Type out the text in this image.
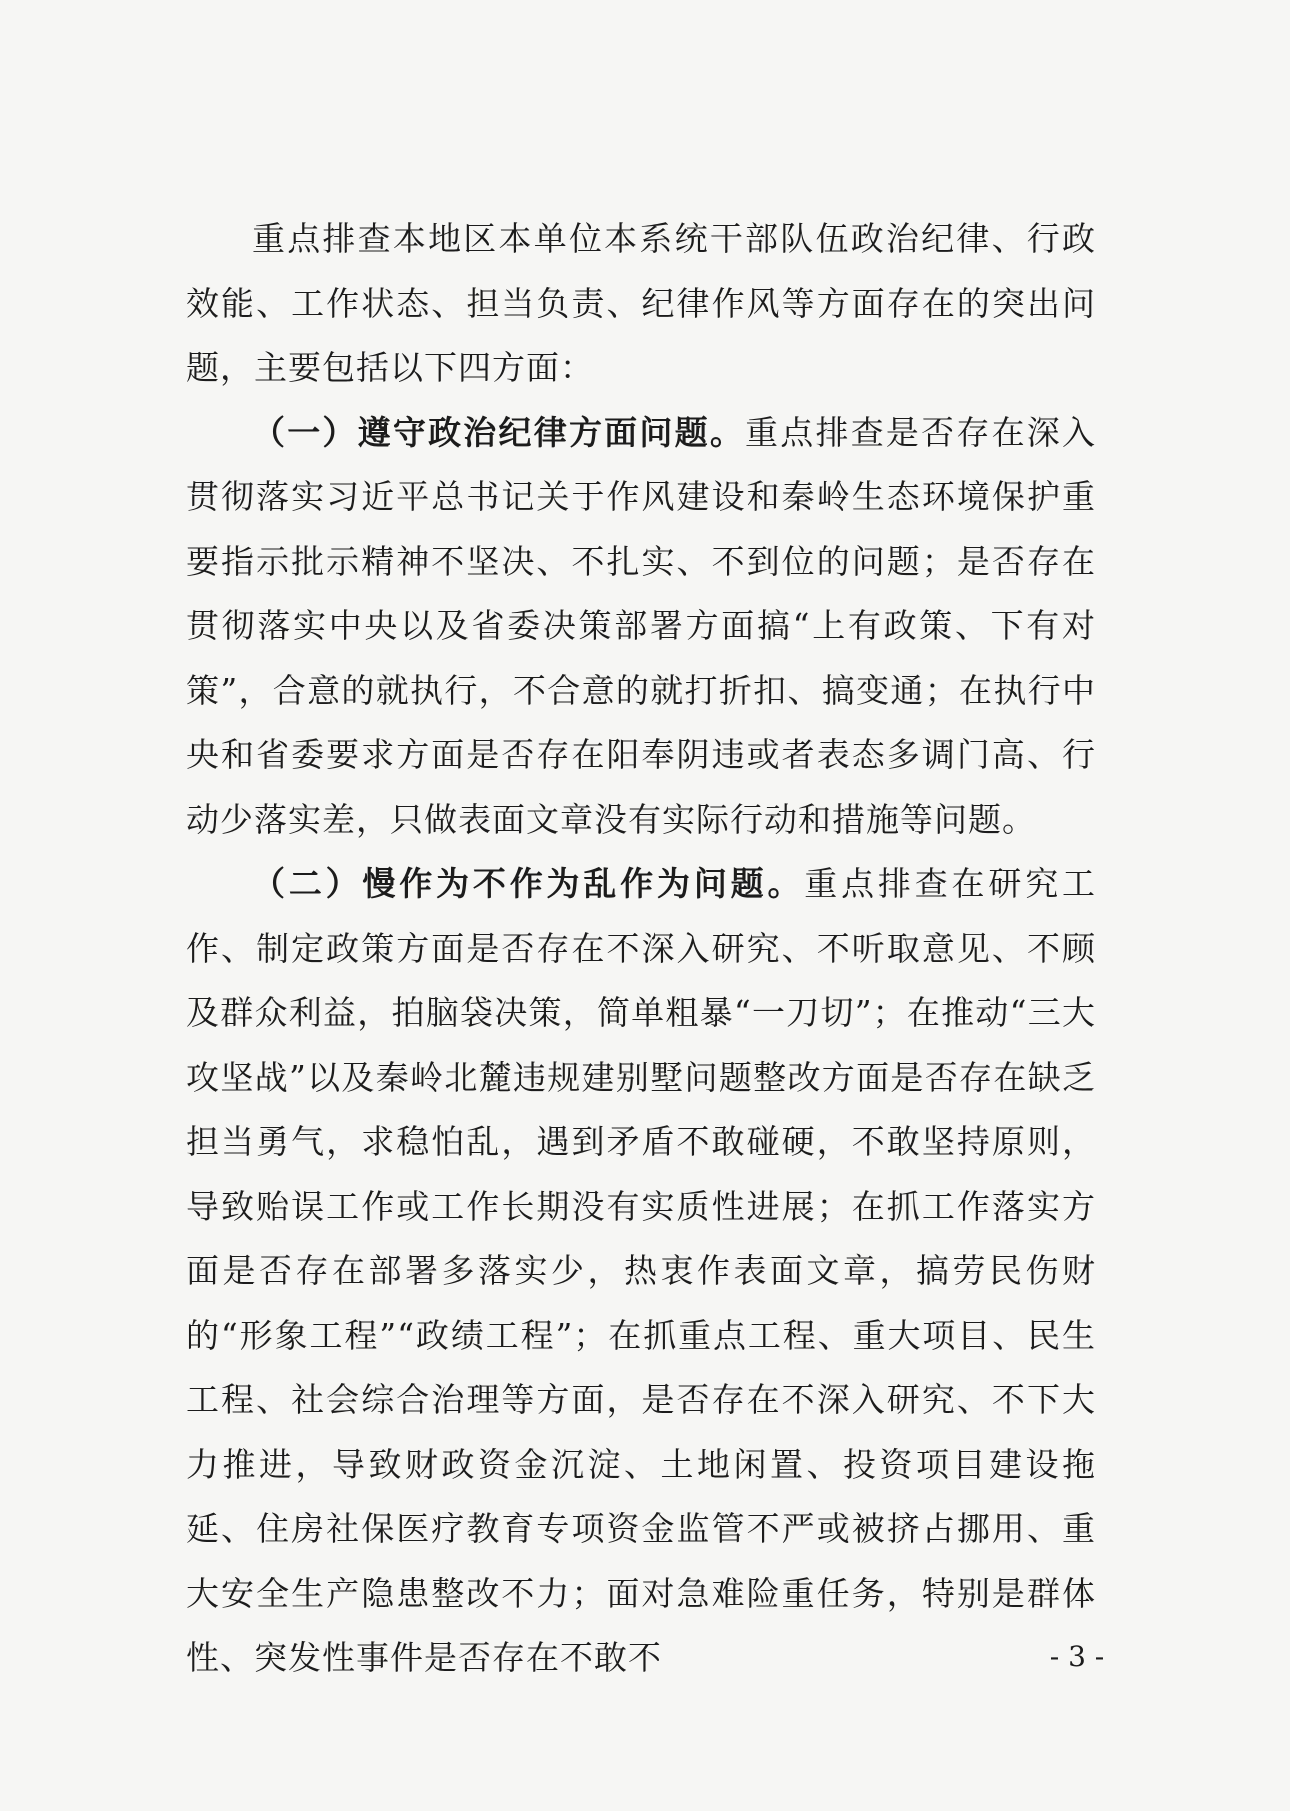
重点排查本地区本单位本系统干部队伍政治纪律、行政效能、工作状态、担当负责、纪律作风等方面存在的突出问题，主要包括以下四方面：

（一）遵守政治纪律方面问题。重点排查是否存在深入贯彻落实习近平总书记关于作风建设和秦岭生态环境保护重要指示批示精神不坚决、不扎实、不到位的问题；是否存在贯彻落实中央以及省委决策部署方面搞“上有政策、下有对策”，合意的就执行，不合意的就打折扣、搞变通；在执行中央和省委要求方面是否存在阳奉阴违或者表态多调门高、行动少落实差，只做表面文章没有实际行动和措施等问题。

（二）慢作为不作为乱作为问题。重点排查在研究工作、制定政策方面是否存在不深入研究、不听取意见、不顾及群众利益，拍脑袋决策，简单粗暴“一刀切”；在推动“三大攻坚战”以及秦岭北麓违规建别墅问题整改方面是否存在缺乏担当勇气，求稳怕乱，遇到矛盾不敢碰硬，不敢坚持原则，导致贻误工作或工作长期没有实质性进展；在抓工作落实方面是否存在部署多落实少，热衷作表面文章，搞劳民伤财的“形象工程”“政绩工程”；在抓重点工程、重大项目、民生工程、社会综合治理等方面，是否存在不深入研究、不下大力推进，导致财政资金沉淀、土地闲置、投资项目建设拖延、住房社保医疗教育专项资金监管不严或被挤占挪用、重大安全生产隐患整改不力；面对急难险重任务，特别是群体性、突发性事件是否存在不敢不	- 3 -
